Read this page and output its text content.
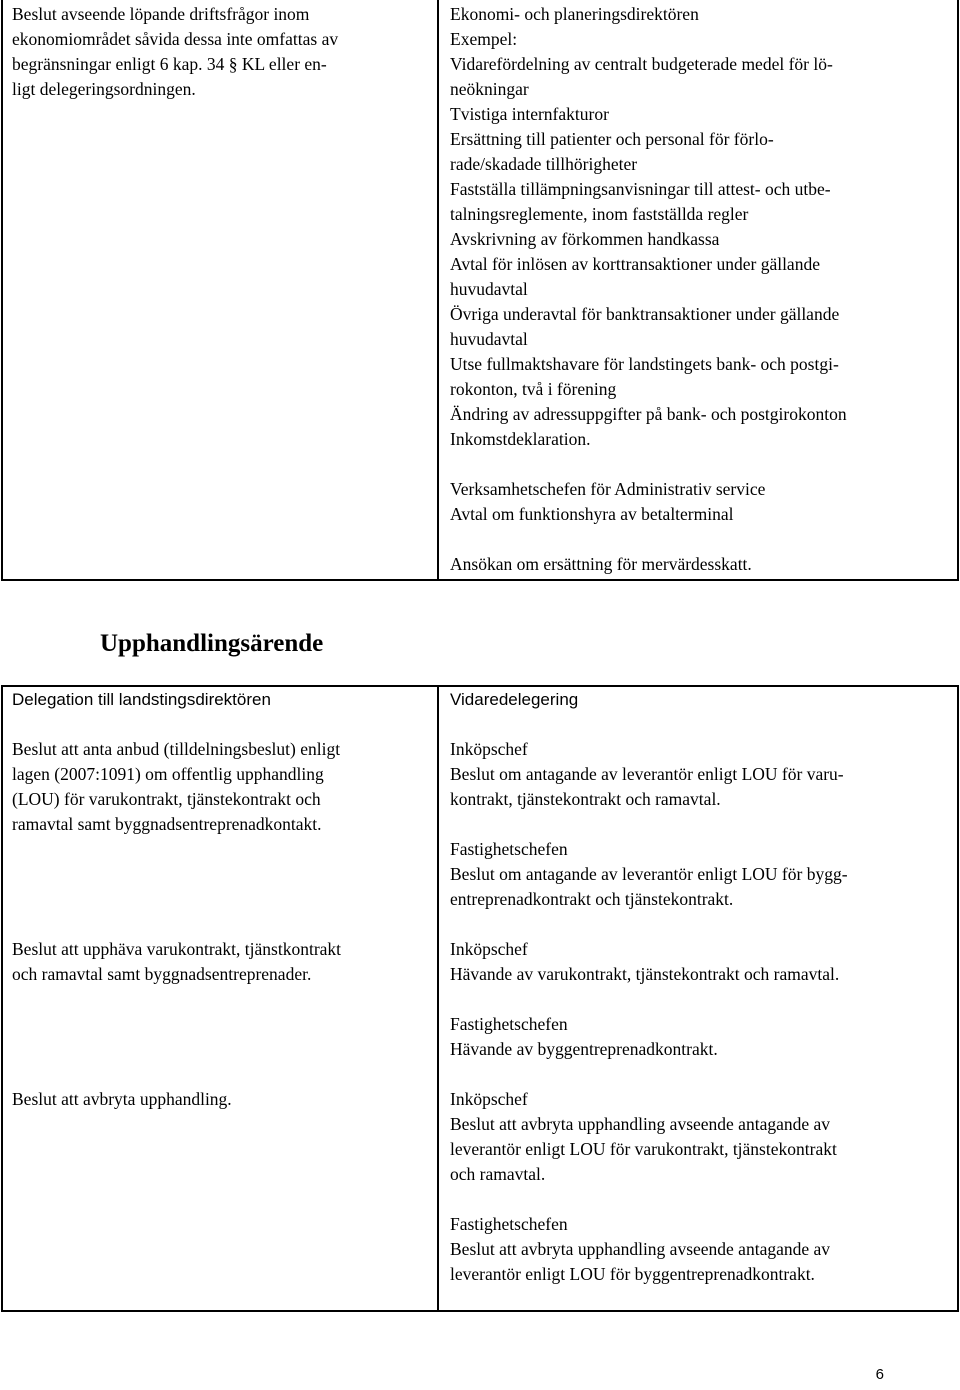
Beslut avseende löpande driftsfrågor inom
ekonomiområdet såvida dessa inte omfattas av
begränsningar enligt 6 kap. 34 § KL eller en-
ligt delegeringsordningen.
Ekonomi- och planeringsdirektören
Exempel:
Vidarefördelning av centralt budgeterade medel för lö-
neökningar
Tvistiga internfakturor
Ersättning till patienter och personal för förlo-
rade/skadade tillhörigheter
Fastställa tillämpningsanvisningar till attest- och utbe-
talningsreglemente, inom fastställda regler
Avskrivning av förkommen handkassa
Avtal för inlösen av korttransaktioner under gällande
huvudavtal
Övriga underavtal för banktransaktioner under gällande
huvudavtal
Utse fullmaktshavare för landstingets bank- och postgi-
rokonton, två i förening
Ändring av adressuppgifter på bank- och postgirokonton
Inkomstdeklaration.
Verksamhetschefen för Administrativ service
Avtal om funktionshyra av betalterminal
Ansökan om ersättning för mervärdesskatt.
Upphandlingsärende
Delegation till landstingsdirektören
Beslut att anta anbud (tilldelningsbeslut) enligt
lagen (2007:1091) om offentlig upphandling
(LOU) för varukontrakt, tjänstekontrakt och
ramavtal samt byggnadsentreprenadkontakt.
Beslut att upphäva varukontrakt, tjänstkontrakt
och ramavtal samt byggnadsentreprenader.
Beslut att avbryta upphandling.
Vidaredelegering
Inköpschef
Beslut om antagande av leverantör enligt LOU för varu-
kontrakt, tjänstekontrakt och ramavtal.
Fastighetschefen
Beslut om antagande av leverantör enligt LOU för bygg-
entreprenadkontrakt och tjänstekontrakt.
Inköpschef
Hävande av varukontrakt, tjänstekontrakt och ramavtal.
Fastighetschefen
Hävande av byggentreprenadkontrakt.
Inköpschef
Beslut att avbryta upphandling avseende antagande av
leverantör enligt LOU för varukontrakt, tjänstekontrakt
och ramavtal.
Fastighetschefen
Beslut att avbryta upphandling avseende antagande av
leverantör enligt LOU för byggentreprenadkontrakt.
6
